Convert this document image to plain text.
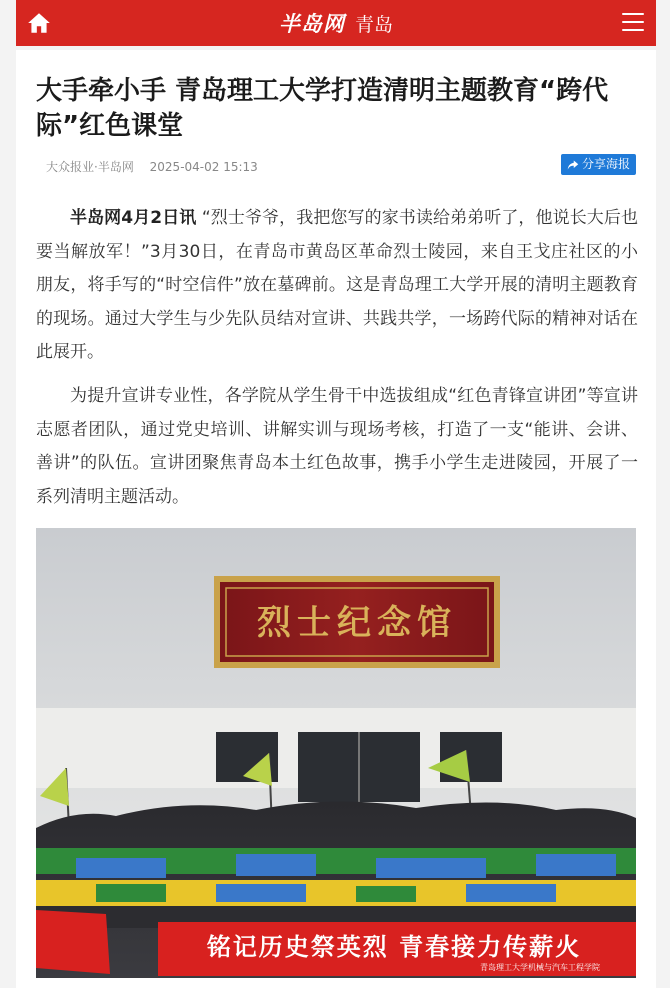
半岛网 青岛
大手牵小手 青岛理工大学打造清明主题教育“跨代际”红色课堂
大众报业·半岛网 2025-04-02 15:13	分享海报

半岛网4月2日讯 “烈士爷爷，我把您写的家书读给弟弟听了，他说长大后也要当解放军！”3月30日，在青岛市黄岛区革命烈士陵园，来自王戈庄社区的小朋友，将手写的“时空信件”放在墓碑前。这是青岛理工大学开展的清明主题教育的现场。通过大学生与少先队员结对宣讲、共践共学，一场跨代际的精神对话在此展开。

为提升宣讲专业性，各学院从学生骨干中选拔组成“红色青锋宣讲团”等宣讲志愿者团队，通过党史培训、讲解实训与现场考核，打造了一支“能讲、会讲、善讲”的队伍。宣讲团聚焦青岛本土红色故事，携手小学生走进陵园，开展了一系列清明主题活动。

烈士纪念馆
铭记历史祭英烈 青春接力传薪火
青岛理工大学机械与汽车工程学院
